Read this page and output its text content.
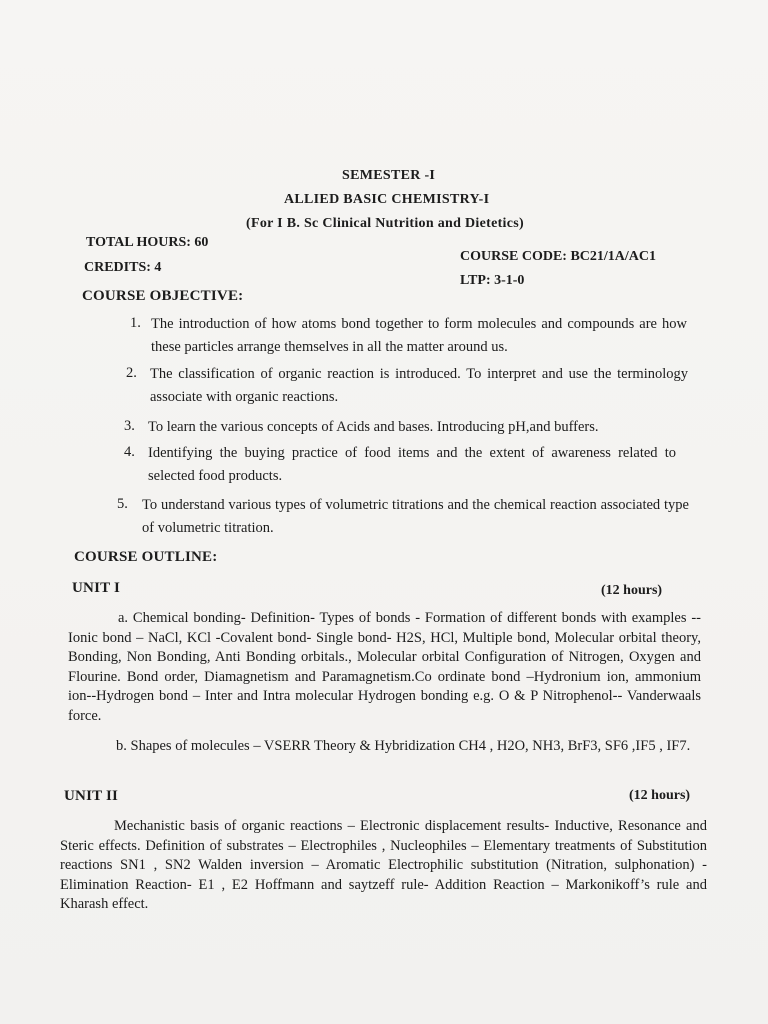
SEMESTER -I
ALLIED BASIC CHEMISTRY-I
(For I B. Sc Clinical Nutrition and Dietetics)
TOTAL HOURS: 60
COURSE CODE: BC21/1A/AC1
CREDITS: 4
LTP: 3-1-0
COURSE OBJECTIVE:
1. The introduction of how atoms bond together to form molecules and compounds are how these particles arrange themselves in all the matter around us.
2. The classification of organic reaction is introduced. To interpret and use the terminology associate with organic reactions.
3. To learn the various concepts of Acids and bases. Introducing pH,and buffers.
4. Identifying the buying practice of food items and the extent of awareness related to selected food products.
5. To understand various types of volumetric titrations and the chemical reaction associated type of volumetric titration.
COURSE OUTLINE:
UNIT I	(12 hours)
a. Chemical bonding- Definition- Types of bonds - Formation of different bonds with examples --Ionic bond – NaCl, KCl -Covalent bond- Single bond- H2S, HCl, Multiple bond, Molecular orbital theory, Bonding, Non Bonding, Anti Bonding orbitals., Molecular orbital Configuration of Nitrogen, Oxygen and Flourine. Bond order, Diamagnetism and Paramagnetism.Co ordinate bond –Hydronium ion, ammonium ion--Hydrogen bond – Inter and Intra molecular Hydrogen bonding e.g. O & P Nitrophenol-- Vanderwaals force.
b. Shapes of molecules – VSERR Theory & Hybridization CH4 , H2O, NH3, BrF3, SF6 ,IF5 , IF7.
UNIT II	(12 hours)
Mechanistic basis of organic reactions – Electronic displacement results- Inductive, Resonance and Steric effects. Definition of substrates – Electrophiles , Nucleophiles – Elementary treatments of Substitution reactions SN1 , SN2 Walden inversion – Aromatic Electrophilic substitution (Nitration, sulphonation) - Elimination Reaction- E1 , E2 Hoffmann and saytzeff rule- Addition Reaction – Markonikoff’s rule and Kharash effect.
